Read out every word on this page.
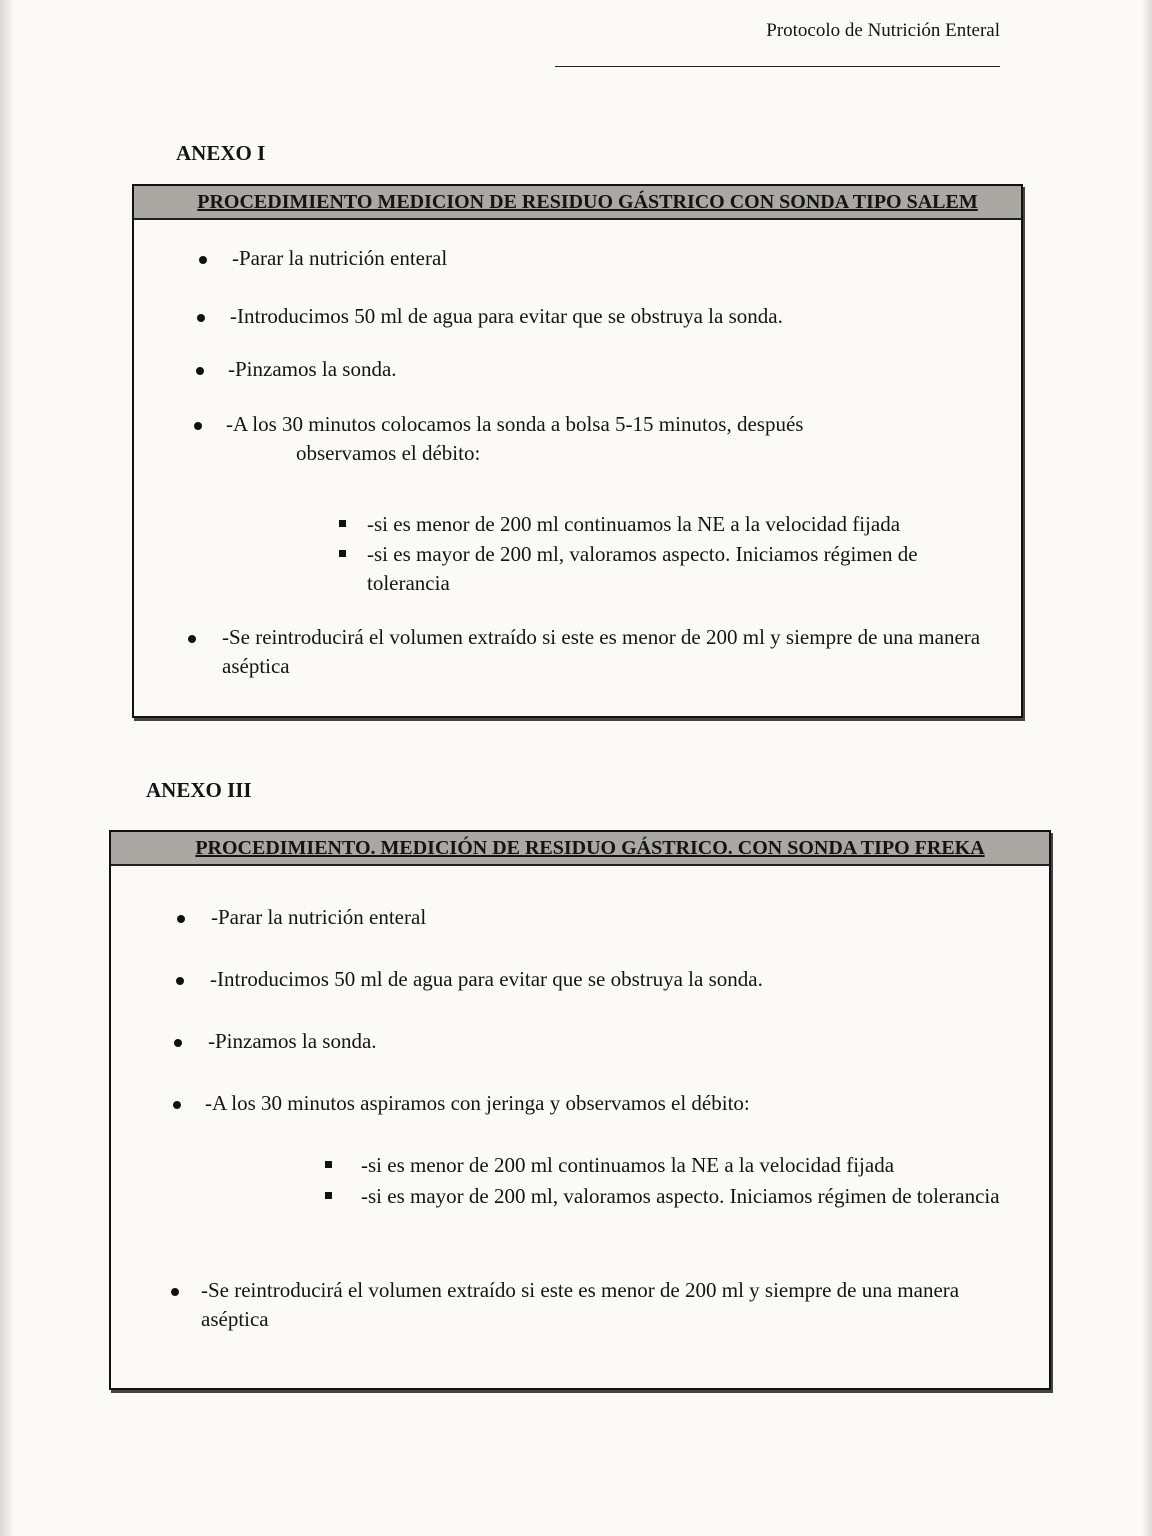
Protocolo de Nutrición Enteral
ANEXO I
PROCEDIMIENTO MEDICION DE RESIDUO GÁSTRICO CON SONDA TIPO SALEM
-Parar la nutrición enteral
-Introducimos 50 ml de agua para evitar que se obstruya la sonda.
-Pinzamos la sonda.
-A los 30 minutos colocamos la sonda a bolsa 5-15 minutos, después
observamos el débito:
-si es menor de 200 ml continuamos la NE a la velocidad fijada
-si es mayor de 200 ml, valoramos aspecto. Iniciamos régimen de tolerancia
-Se reintroducirá el volumen extraído si este es menor de 200 ml y siempre de una manera aséptica
ANEXO III
PROCEDIMIENTO. MEDICIÓN DE RESIDUO GÁSTRICO. CON SONDA TIPO FREKA
-Parar la nutrición enteral
-Introducimos 50 ml de agua para evitar que se obstruya la sonda.
-Pinzamos la sonda.
-A los 30 minutos aspiramos con jeringa y observamos el débito:
-si es menor de 200 ml continuamos la NE a la velocidad fijada
-si es mayor de 200 ml, valoramos aspecto. Iniciamos régimen de tolerancia
-Se reintroducirá el volumen extraído si este es menor de 200 ml y siempre de una manera aséptica
